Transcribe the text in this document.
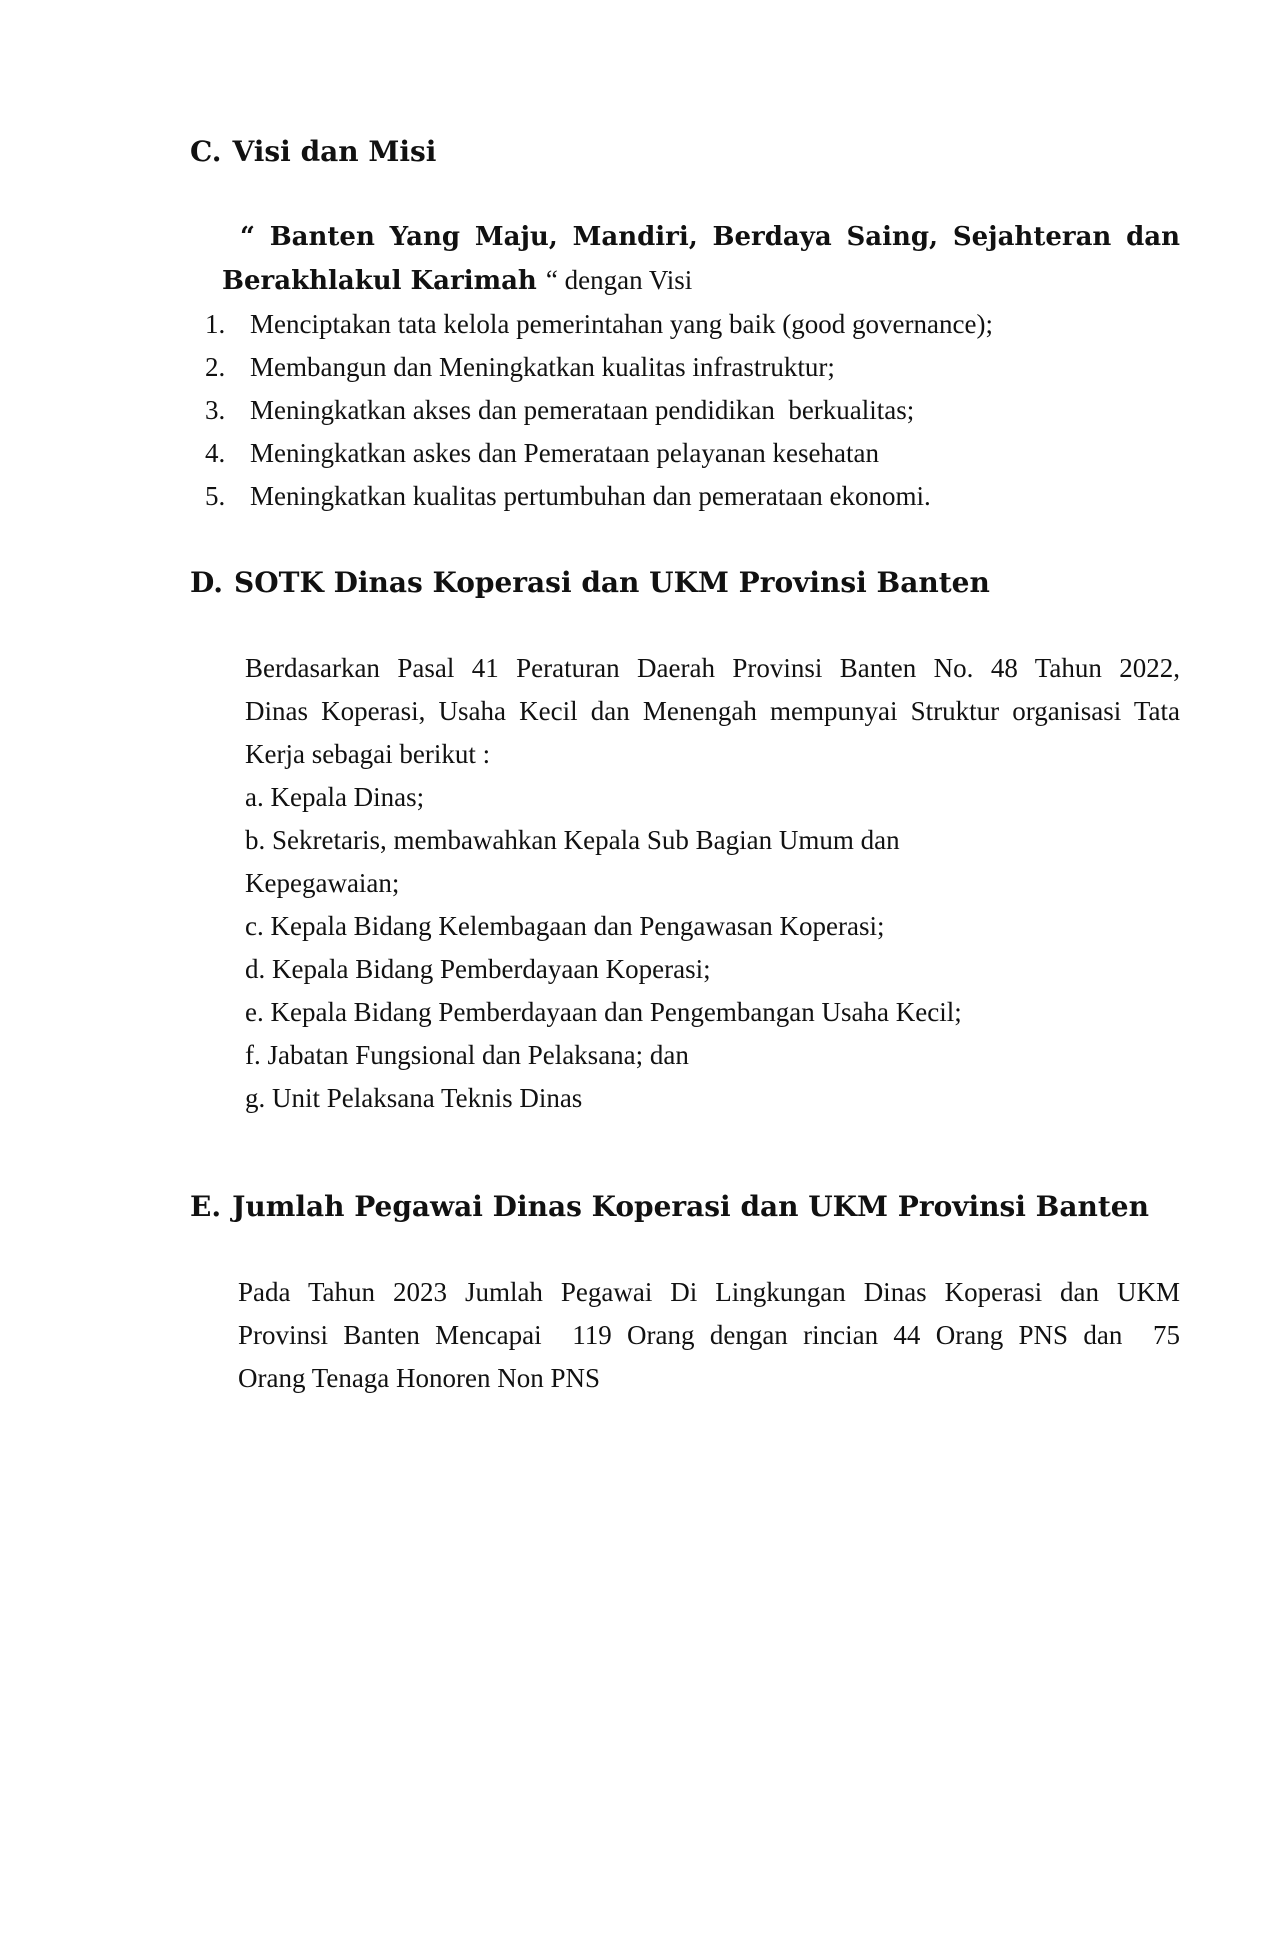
C. Visi dan Misi
“ Banten Yang Maju, Mandiri, Berdaya Saing, Sejahteran dan
Berakhlakul Karimah “ dengan Visi
1. Menciptakan tata kelola pemerintahan yang baik (good governance);
2. Membangun dan Meningkatkan kualitas infrastruktur;
3. Meningkatkan akses dan pemerataan pendidikan  berkualitas;
4. Meningkatkan askes dan Pemerataan pelayanan kesehatan
5. Meningkatkan kualitas pertumbuhan dan pemerataan ekonomi.
D. SOTK Dinas Koperasi dan UKM Provinsi Banten
Berdasarkan Pasal 41 Peraturan Daerah Provinsi Banten No. 48 Tahun 2022,
Dinas Koperasi, Usaha Kecil dan Menengah mempunyai Struktur organisasi Tata
Kerja sebagai berikut :
a. Kepala Dinas;
b. Sekretaris, membawahkan Kepala Sub Bagian Umum dan
Kepegawaian;
c. Kepala Bidang Kelembagaan dan Pengawasan Koperasi;
d. Kepala Bidang Pemberdayaan Koperasi;
e. Kepala Bidang Pemberdayaan dan Pengembangan Usaha Kecil;
f. Jabatan Fungsional dan Pelaksana; dan
g. Unit Pelaksana Teknis Dinas
E. Jumlah Pegawai Dinas Koperasi dan UKM Provinsi Banten
Pada Tahun 2023 Jumlah Pegawai Di Lingkungan Dinas Koperasi dan UKM
Provinsi Banten Mencapai  119 Orang dengan rincian 44 Orang PNS dan  75
Orang Tenaga Honoren Non PNS
